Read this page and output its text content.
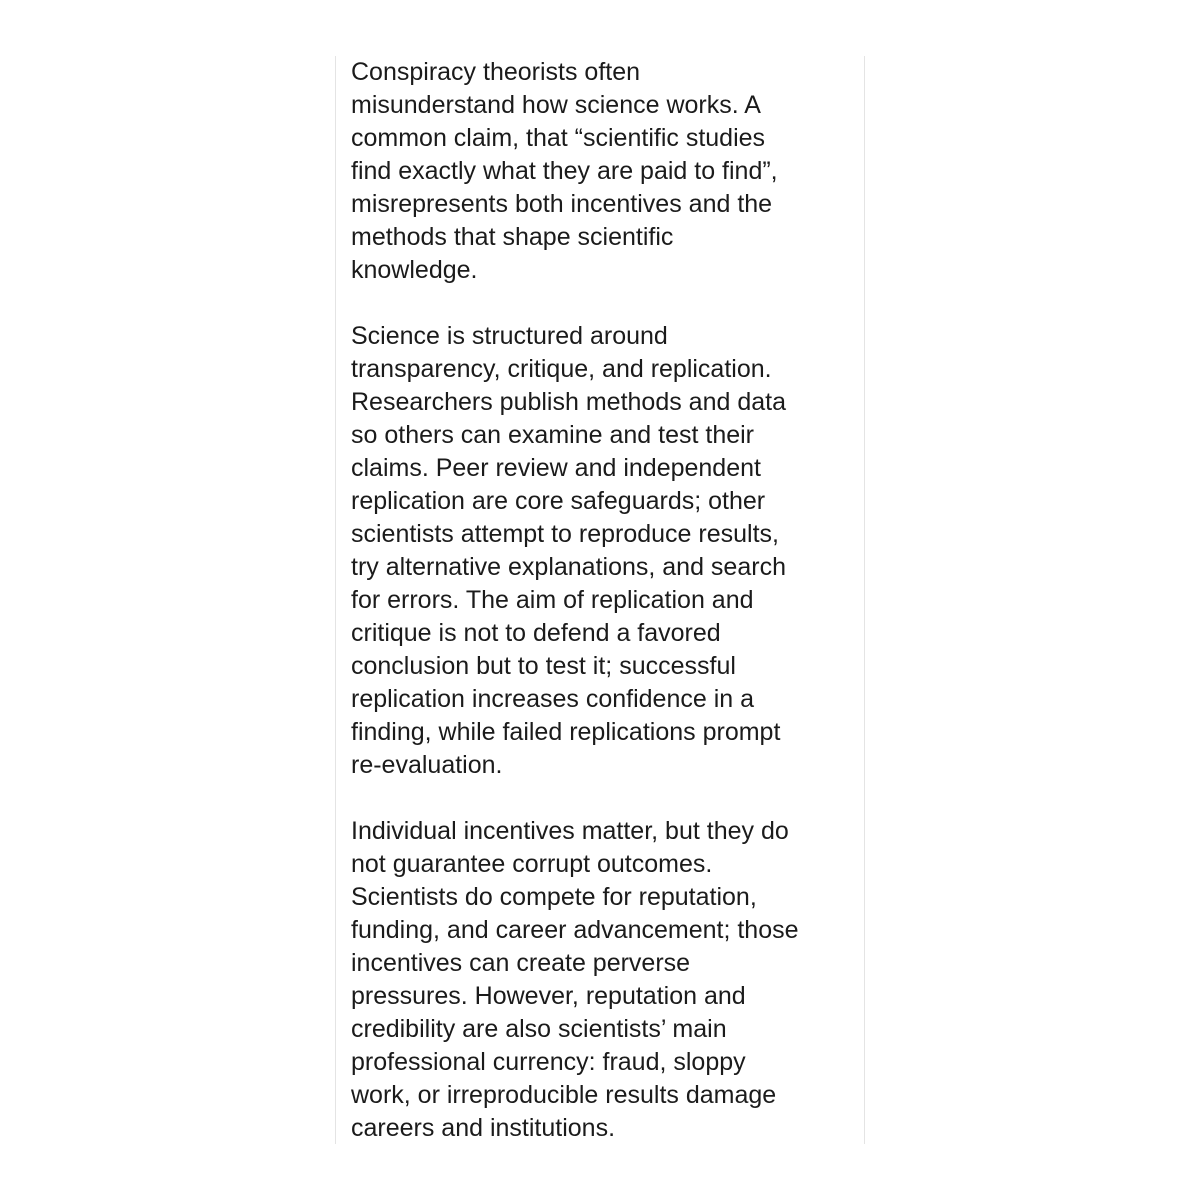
Conspiracy theorists often
misunderstand how science works. A
common claim, that “scientific studies
find exactly what they are paid to find”,
misrepresents both incentives and the
methods that shape scientific
knowledge.

Science is structured around
transparency, critique, and replication.
Researchers publish methods and data
so others can examine and test their
claims. Peer review and independent
replication are core safeguards; other
scientists attempt to reproduce results,
try alternative explanations, and search
for errors. The aim of replication and
critique is not to defend a favored
conclusion but to test it; successful
replication increases confidence in a
finding, while failed replications prompt
re-evaluation.

Individual incentives matter, but they do
not guarantee corrupt outcomes.
Scientists do compete for reputation,
funding, and career advancement; those
incentives can create perverse
pressures. However, reputation and
credibility are also scientists’ main
professional currency: fraud, sloppy
work, or irreproducible results damage
careers and institutions.
